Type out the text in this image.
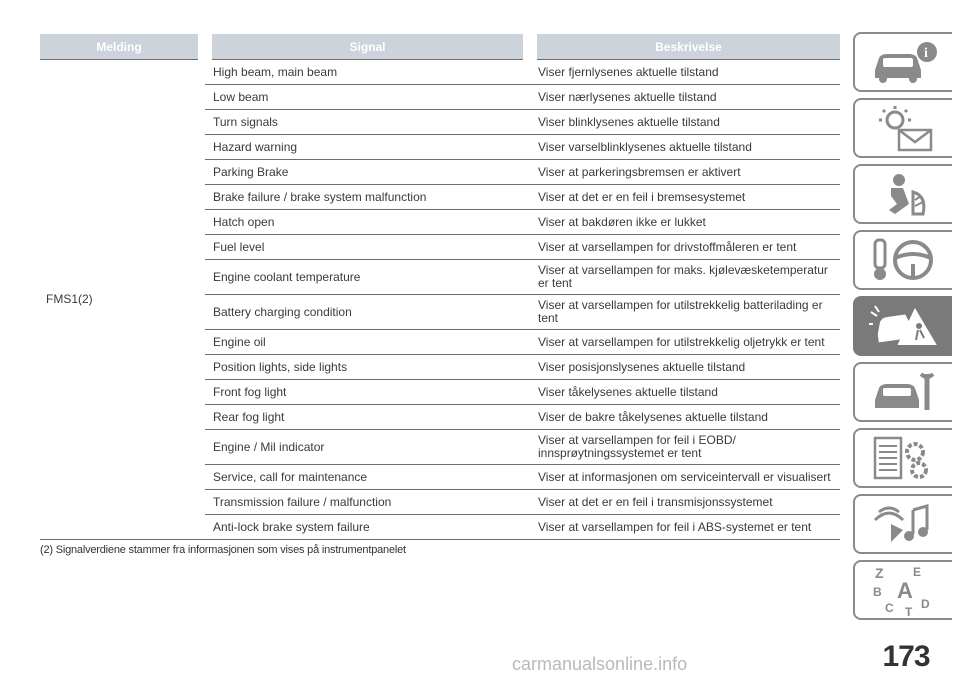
Melding	Signal	Beskrivelse
FMS1(2)	High beam, main beam	Viser fjernlysenes aktuelle tilstand
	Low beam	Viser nærlysenes aktuelle tilstand
	Turn signals	Viser blinklysenes aktuelle tilstand
	Hazard warning	Viser varselblinklysenes aktuelle tilstand
	Parking Brake	Viser at parkeringsbremsen er aktivert
	Brake failure / brake system malfunction	Viser at det er en feil i bremsesystemet
	Hatch open	Viser at bakdøren ikke er lukket
	Fuel level	Viser at varsellampen for drivstoffmåleren er tent
	Engine coolant temperature	Viser at varsellampen for maks. kjølevæsketemperatur er tent
	Battery charging condition	Viser at varsellampen for utilstrekkelig batterilading er tent
	Engine oil	Viser at varsellampen for utilstrekkelig oljetrykk er tent
	Position lights, side lights	Viser posisjonslysenes aktuelle tilstand
	Front fog light	Viser tåkelysenes aktuelle tilstand
	Rear fog light	Viser de bakre tåkelysenes aktuelle tilstand
	Engine / Mil indicator	Viser at varsellampen for feil i EOBD/ innsprøytningssystemet er tent
	Service, call for maintenance	Viser at informasjonen om serviceintervall er visualisert
	Transmission failure / malfunction	Viser at det er en feil i transmisjonssystemet
	Anti-lock brake system failure	Viser at varsellampen for feil i ABS-systemet er tent
(2) Signalverdiene stammer fra informasjonen som vises på instrumentpanelet
i
Z E
B A
C D
T
173
carmanualsonline.info
